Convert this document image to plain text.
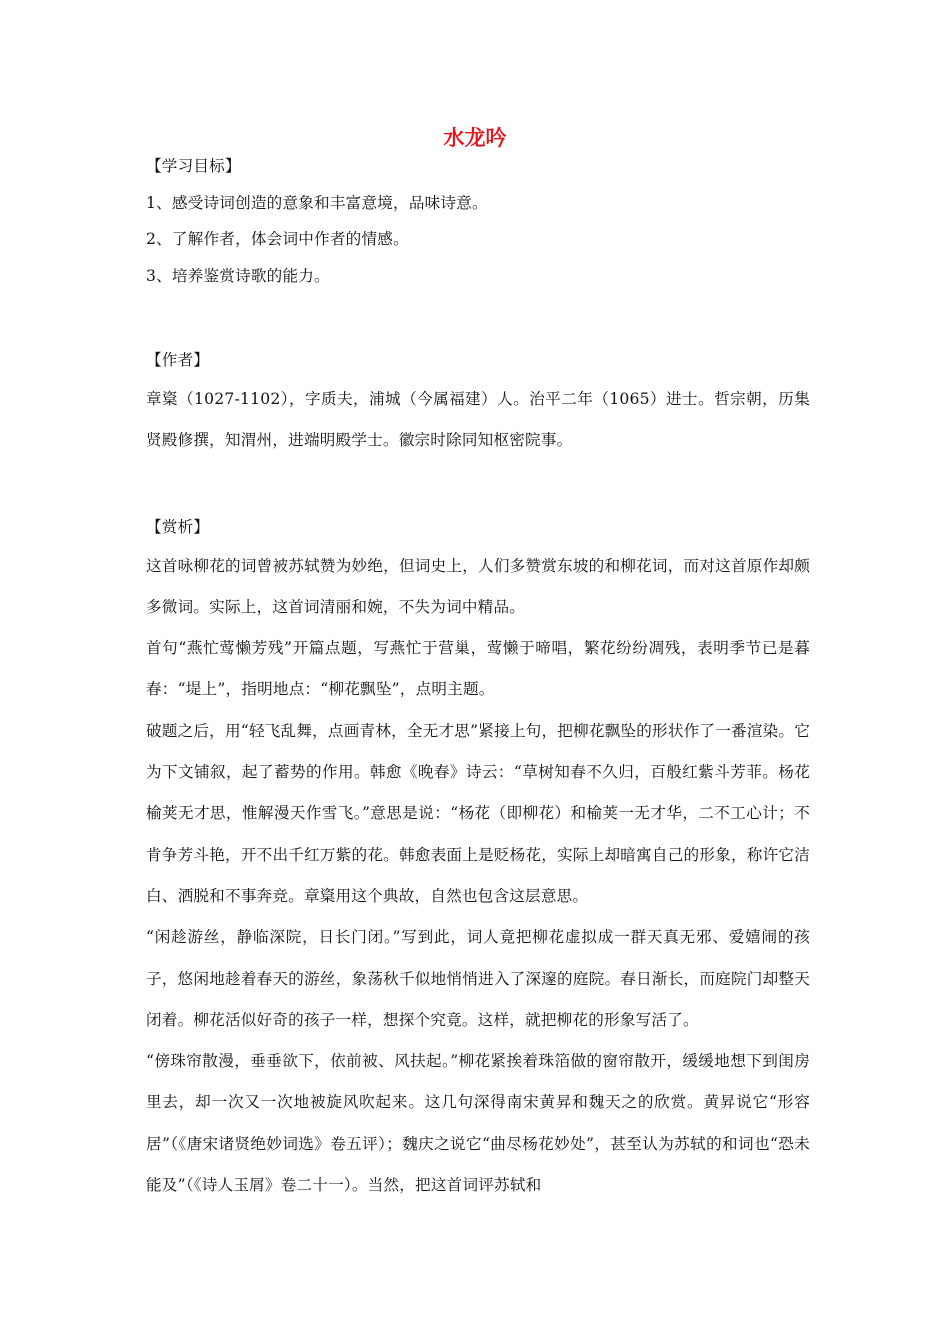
水龙吟
【学习目标】
1、感受诗词创造的意象和丰富意境，品味诗意。
2、了解作者，体会词中作者的情感。
3、培养鉴赏诗歌的能力。
【作者】
章楶（1027-1102），字质夫，浦城（今属福建）人。治平二年（1065）进士。哲宗朝，历集贤殿修撰，知渭州，进端明殿学士。徽宗时除同知枢密院事。
【赏析】
这首咏柳花的词曾被苏轼赞为妙绝，但词史上，人们多赞赏东坡的和柳花词，而对这首原作却颇多微词。实际上，这首词清丽和婉，不失为词中精品。
首句“燕忙莺懒芳残”开篇点题，写燕忙于营巢，莺懒于啼唱，繁花纷纷凋残，表明季节已是暮春：“堤上”，指明地点：“柳花飘坠”，点明主题。
破题之后，用“轻飞乱舞，点画青林，全无才思”紧接上句，把柳花飘坠的形状作了一番渲染。它为下文铺叙，起了蓄势的作用。韩愈《晚春》诗云：“草树知春不久归，百般红紫斗芳菲。杨花榆荚无才思，惟解漫天作雪飞。”意思是说：“杨花（即柳花）和榆荚一无才华，二不工心计；不肯争芳斗艳，开不出千红万紫的花。韩愈表面上是贬杨花，实际上却暗寓自己的形象，称许它洁白、洒脱和不事奔竞。章楶用这个典故，自然也包含这层意思。
“闲趁游丝，静临深院，日长门闭。”写到此，词人竟把柳花虚拟成一群天真无邪、爱嬉闹的孩子，悠闲地趁着春天的游丝，象荡秋千似地悄悄进入了深邃的庭院。春日渐长，而庭院门却整天闭着。柳花活似好奇的孩子一样，想探个究竟。这样，就把柳花的形象写活了。
“傍珠帘散漫，垂垂欲下，依前被、风扶起。”柳花紧挨着珠箔做的窗帘散开，缓缓地想下到闺房里去，却一次又一次地被旋风吹起来。这几句深得南宋黄昇和魏天之的欣赏。黄昇说它“形容居”（《唐宋诸贤绝妙词选》卷五评）；魏庆之说它“曲尽杨花妙处”，甚至认为苏轼的和词也“恐未能及”（《诗人玉屑》卷二十一）。当然，把这首词评苏轼和
